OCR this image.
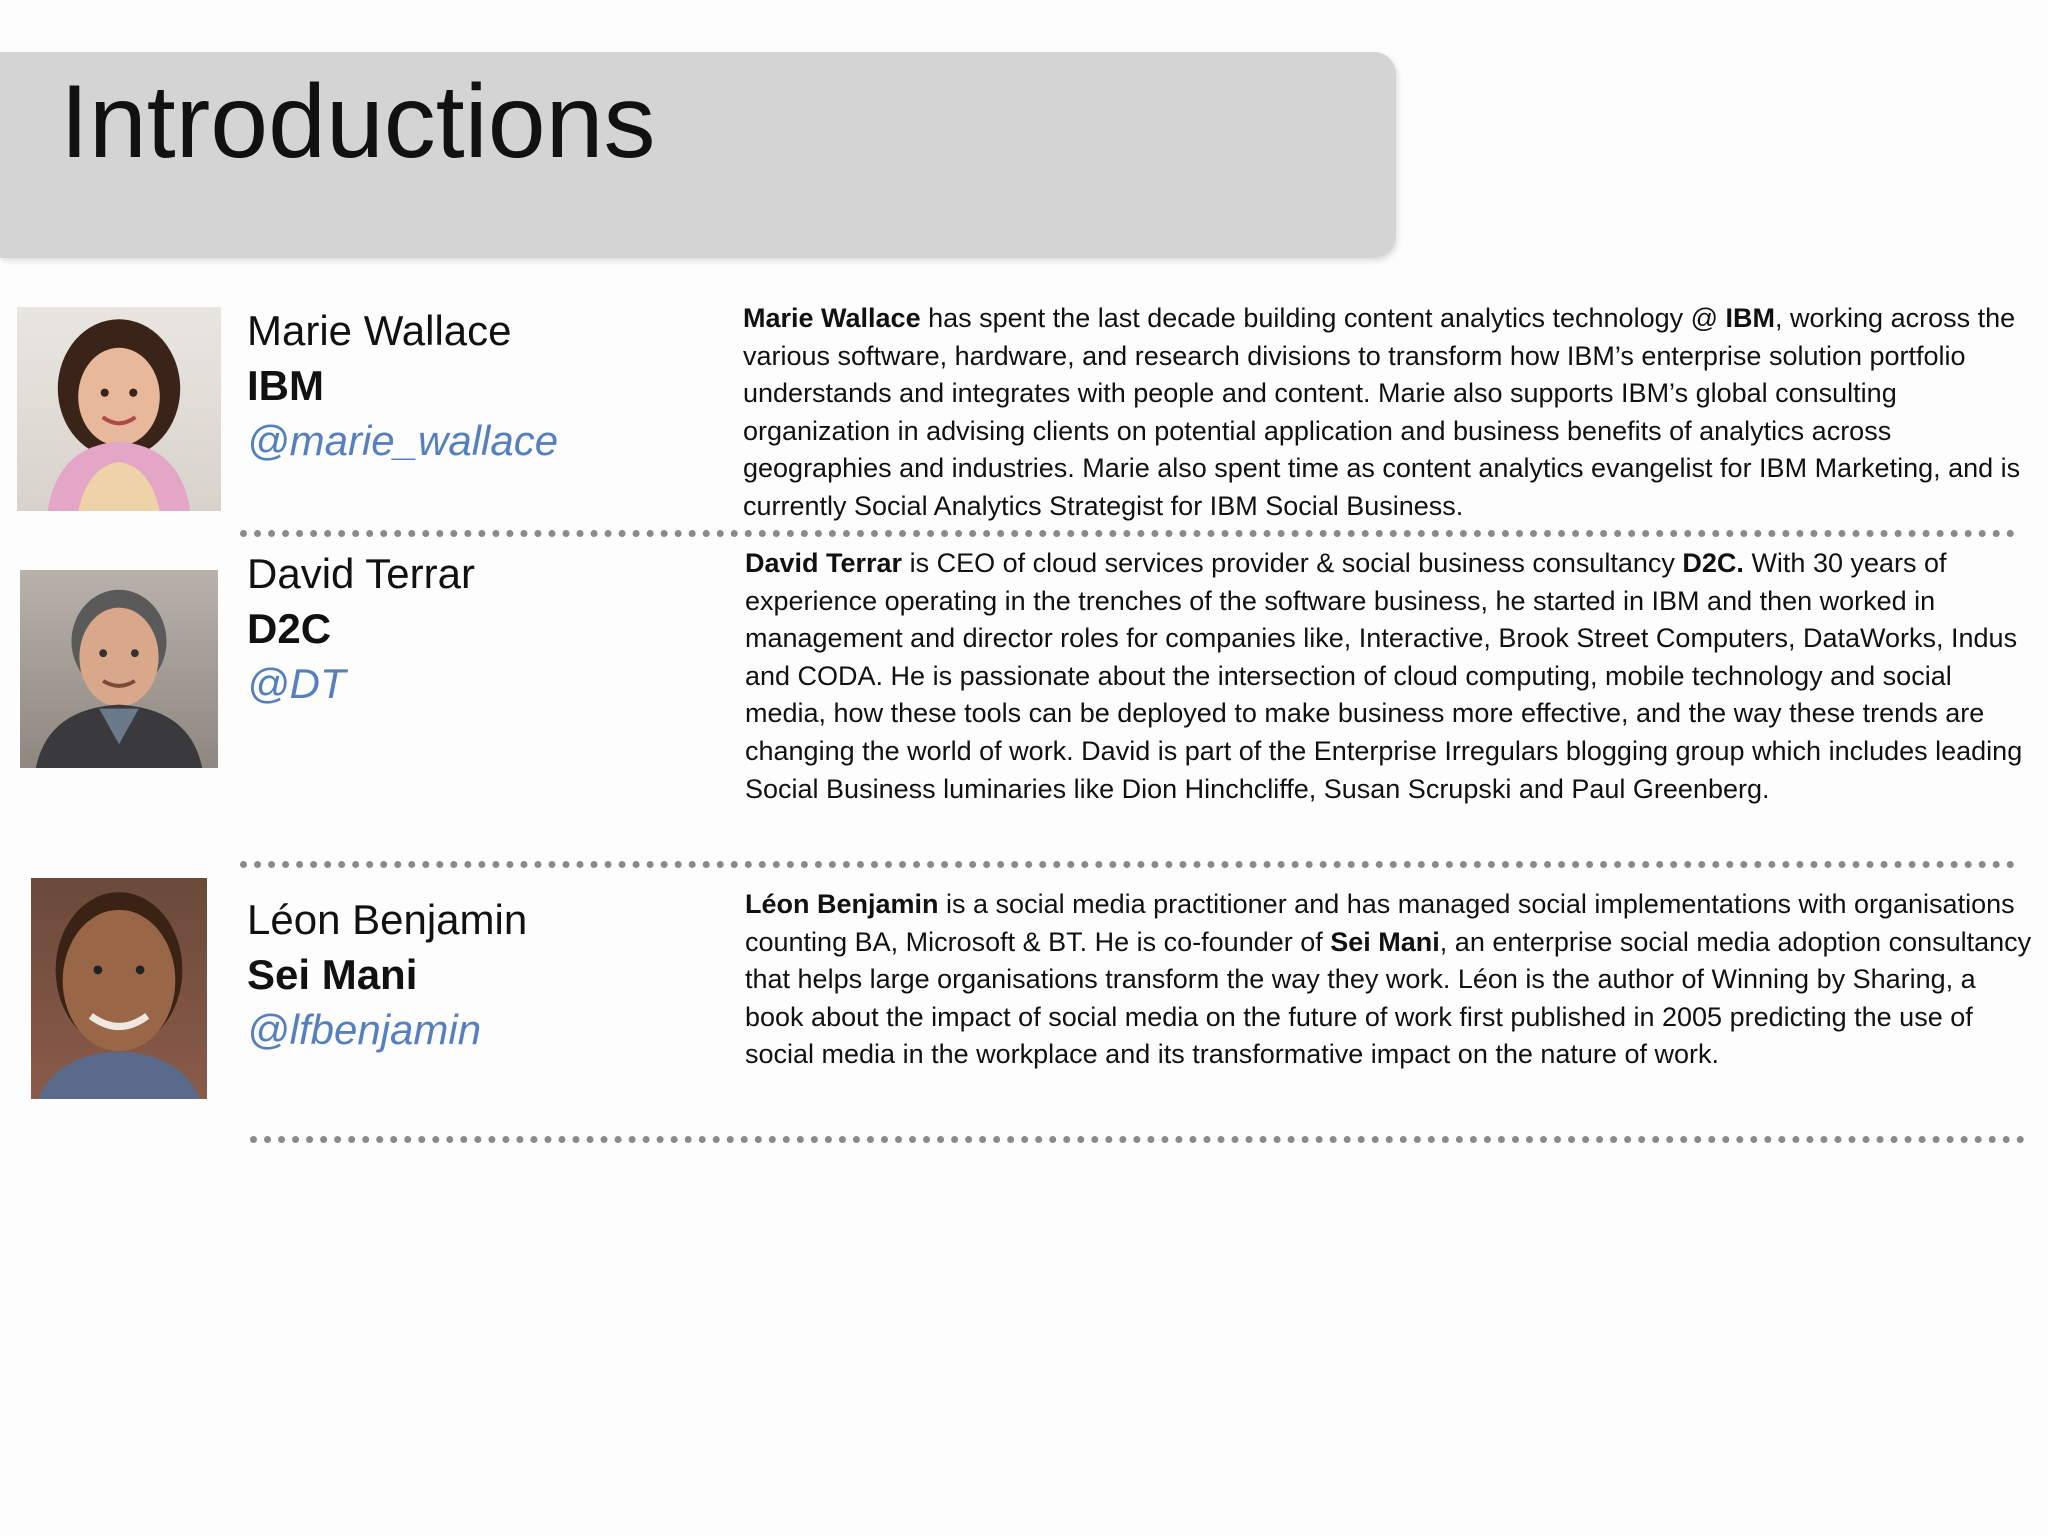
Introductions
Marie Wallace
IBM
@marie_wallace
Marie Wallace has spent the last decade building content analytics technology @ IBM, working across the various software, hardware, and research divisions to transform how IBM’s enterprise solution portfolio understands and integrates with people and content. Marie also supports IBM’s global consulting organization in advising clients on potential application and business benefits of analytics across geographies and industries. Marie also spent time as content analytics evangelist for IBM Marketing, and is currently Social Analytics Strategist for IBM Social Business.
David Terrar
D2C
@DT
David Terrar is CEO of cloud services provider & social business consultancy D2C. With 30 years of experience operating in the trenches of the software business, he started in IBM and then worked in management and director roles for companies like, Interactive, Brook Street Computers, DataWorks, Indus and CODA. He is passionate about the intersection of cloud computing, mobile technology and social media, how these tools can be deployed to make business more effective, and the way these trends are changing the world of work. David is part of the Enterprise Irregulars blogging group which includes leading Social Business luminaries like Dion Hinchcliffe, Susan Scrupski and Paul Greenberg.
Léon Benjamin
Sei Mani
@lfbenjamin
Léon Benjamin is a social media practitioner and has managed social implementations with organisations counting BA, Microsoft & BT. He is co-founder of Sei Mani, an enterprise social media adoption consultancy that helps large organisations transform the way they work. Léon is the author of Winning by Sharing, a book about the impact of social media on the future of work first published in 2005 predicting the use of social media in the workplace and its transformative impact on the nature of work.
